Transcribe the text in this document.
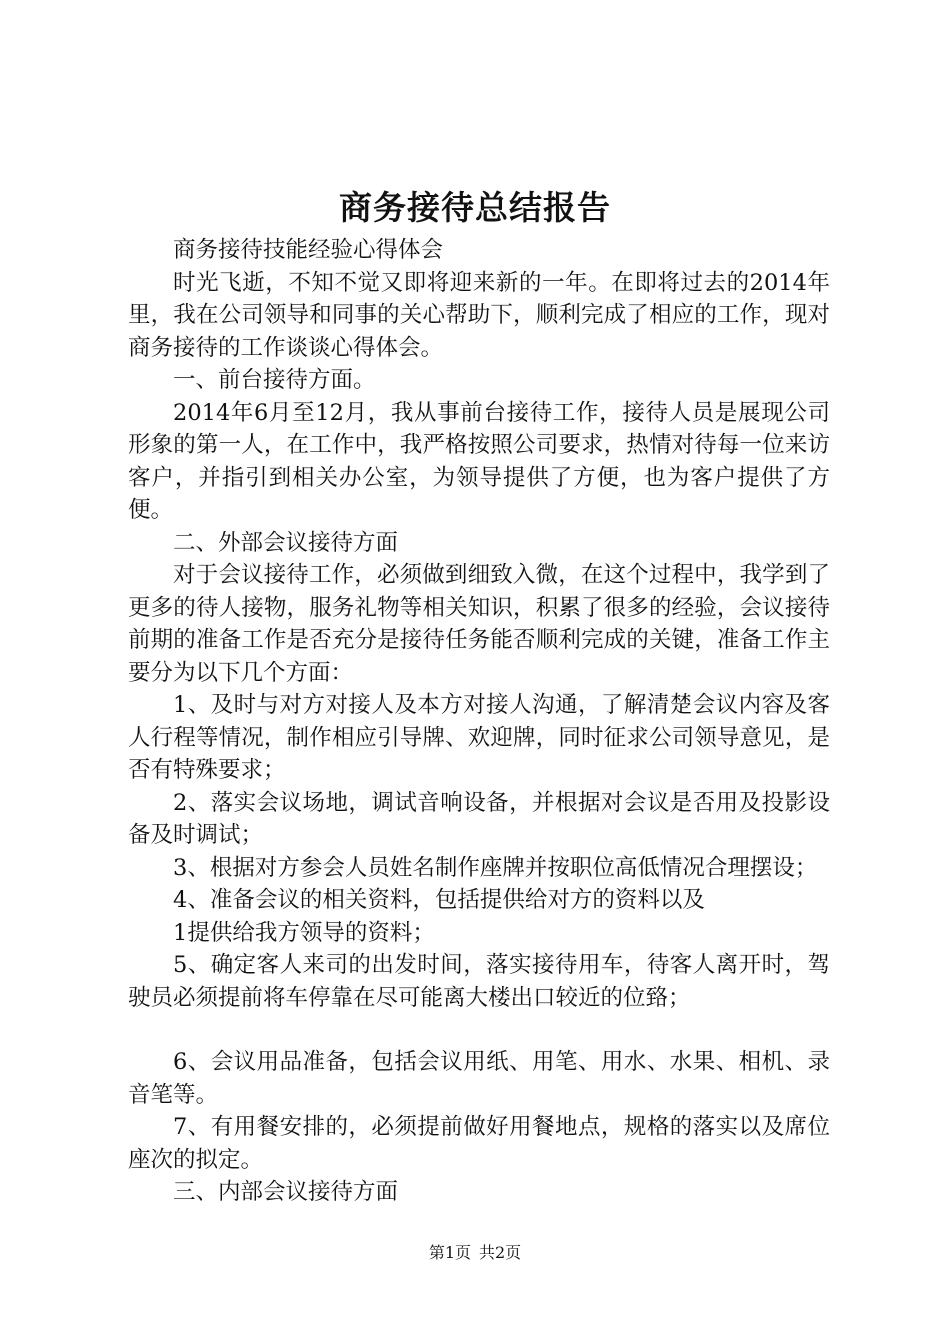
商务接待总结报告

商务接待技能经验心得体会

时光飞逝，不知不觉又即将迎来新的一年。在即将过去的2014年里，我在公司领导和同事的关心帮助下，顺利完成了相应的工作，现对商务接待的工作谈谈心得体会。

一、前台接待方面。

2014年6月至12月，我从事前台接待工作，接待人员是展现公司形象的第一人，在工作中，我严格按照公司要求，热情对待每一位来访客户，并指引到相关办公室，为领导提供了方便，也为客户提供了方便。

二、外部会议接待方面

对于会议接待工作，必须做到细致入微，在这个过程中，我学到了更多的待人接物，服务礼物等相关知识，积累了很多的经验，会议接待前期的准备工作是否充分是接待任务能否顺利完成的关键，准备工作主要分为以下几个方面：

1、及时与对方对接人及本方对接人沟通，了解清楚会议内容及客人行程等情况，制作相应引导牌、欢迎牌，同时征求公司领导意见，是否有特殊要求；

2、落实会议场地，调试音响设备，并根据对会议是否用及投影设备及时调试；

3、根据对方参会人员姓名制作座牌并按职位高低情况合理摆设；

4、准备会议的相关资料，包括提供给对方的资料以及

1提供给我方领导的资料；

5、确定客人来司的出发时间，落实接待用车，待客人离开时，驾驶员必须提前将车停靠在尽可能离大楼出口较近的位臵；

6、会议用品准备，包括会议用纸、用笔、用水、水果、相机、录音笔等。

7、有用餐安排的，必须提前做好用餐地点，规格的落实以及席位座次的拟定。

三、内部会议接待方面

第1页 共2页
